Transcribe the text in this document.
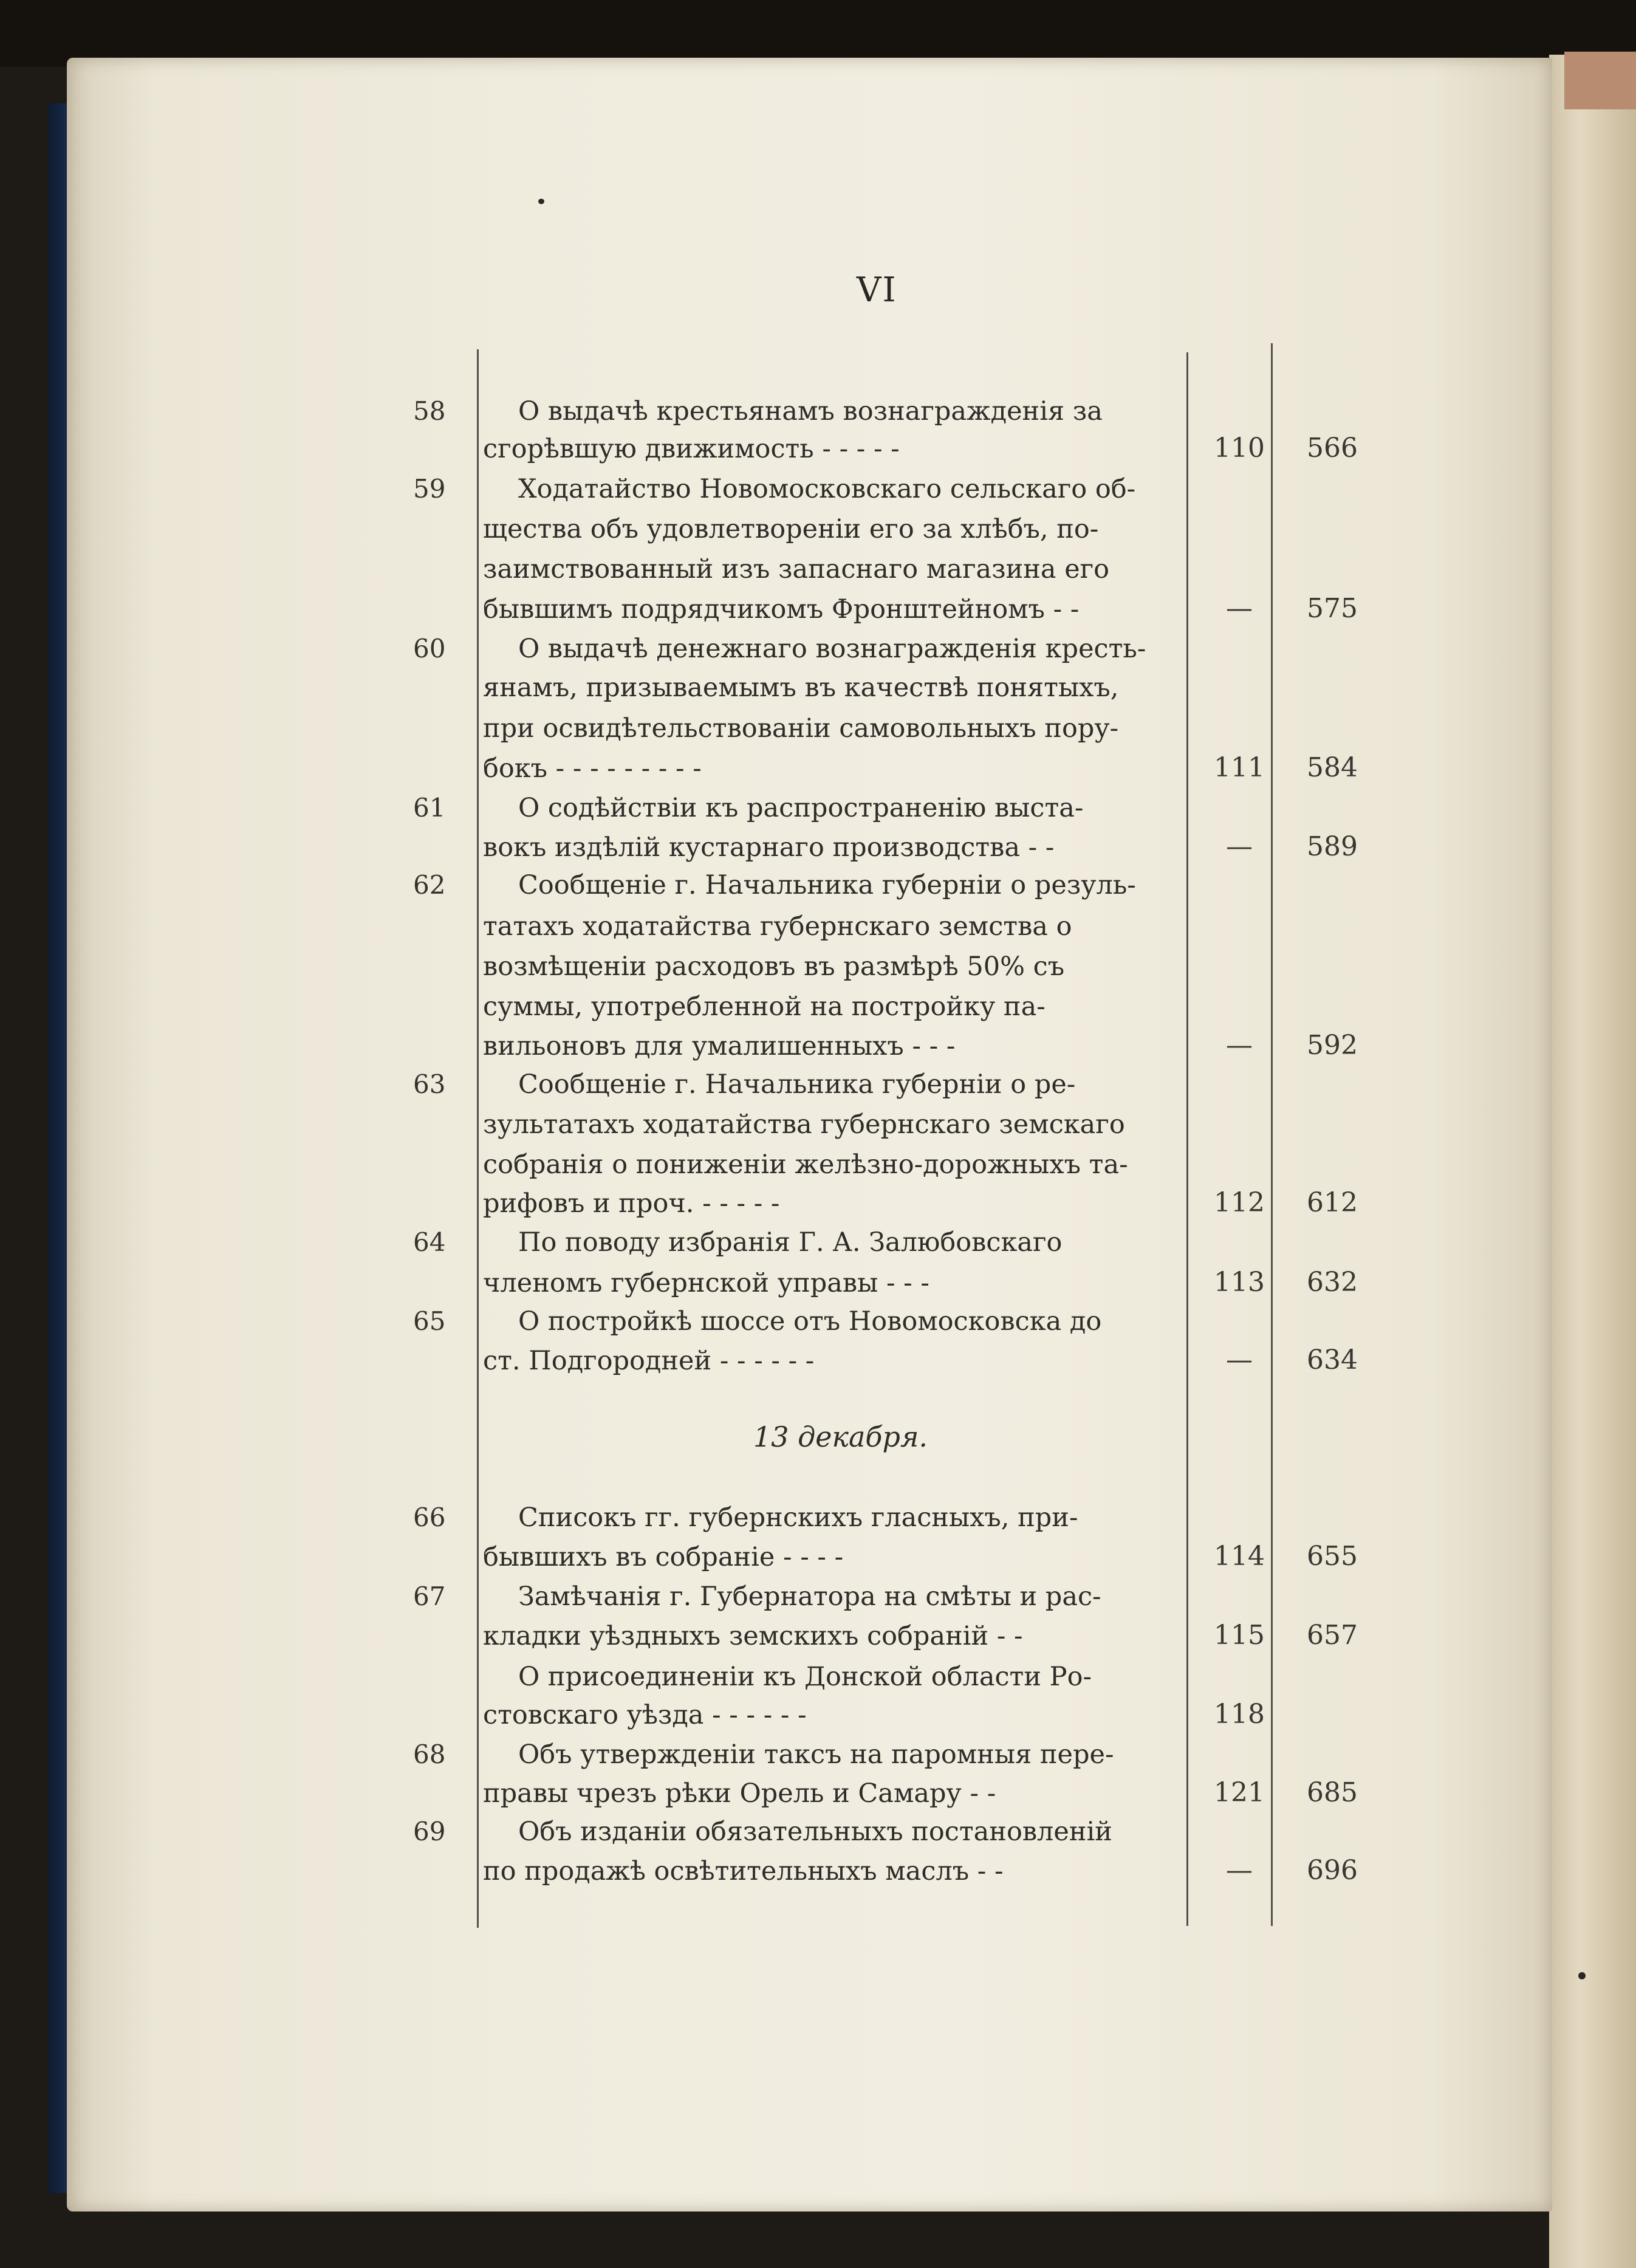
VI
13 декабря.
58	О выдачѣ крестьянамъ вознагражденія за
сгорѣвшую движимость - - - - -	110	566
59	Ходатайство Новомосковскаго сельскаго об-
щества объ удовлетвореніи его за хлѣбъ, по-
заимствованный изъ запаснаго магазина его
бывшимъ подрядчикомъ Фронштейномъ - -	—	575
60	О выдачѣ денежнаго вознагражденія кресть-
янамъ, призываемымъ въ качествѣ понятыхъ,
при освидѣтельствованіи самовольныхъ пору-
бокъ - - - - - - - - -	111	584
61	О содѣйствіи къ распространенію выста-
вокъ издѣлій кустарнаго производства - -	—	589
62	Сообщеніе г. Начальника губерніи о резуль-
татахъ ходатайства губернскаго земства о
возмѣщеніи расходовъ въ размѣрѣ 50% съ
суммы, употребленной на постройку па-
вильоновъ для умалишенныхъ - - -	—	592
63	Сообщеніе г. Начальника губерніи о ре-
зультатахъ ходатайства губернскаго земскаго
собранія о пониженіи желѣзно-дорожныхъ та-
рифовъ и проч. - - - - -	112	612
64	По поводу избранія Г. А. Залюбовскаго
членомъ губернской управы - - -	113	632
65	О постройкѣ шоссе отъ Новомосковска до
ст. Подгородней - - - - - -	—	634
66	Списокъ гг. губернскихъ гласныхъ, при-
бывшихъ въ собраніе - - - -	114	655
67	Замѣчанія г. Губернатора на смѣты и рас-
кладки уѣздныхъ земскихъ собраній - -	115	657
О присоединеніи къ Донской области Ро-
стовскаго уѣзда - - - - - -	118
68	Объ утвержденіи таксъ на паромныя пере-
правы чрезъ рѣки Орель и Самару - -	121	685
69	Объ изданіи обязательныхъ постановленій
по продажѣ освѣтительныхъ маслъ - -	—	696
